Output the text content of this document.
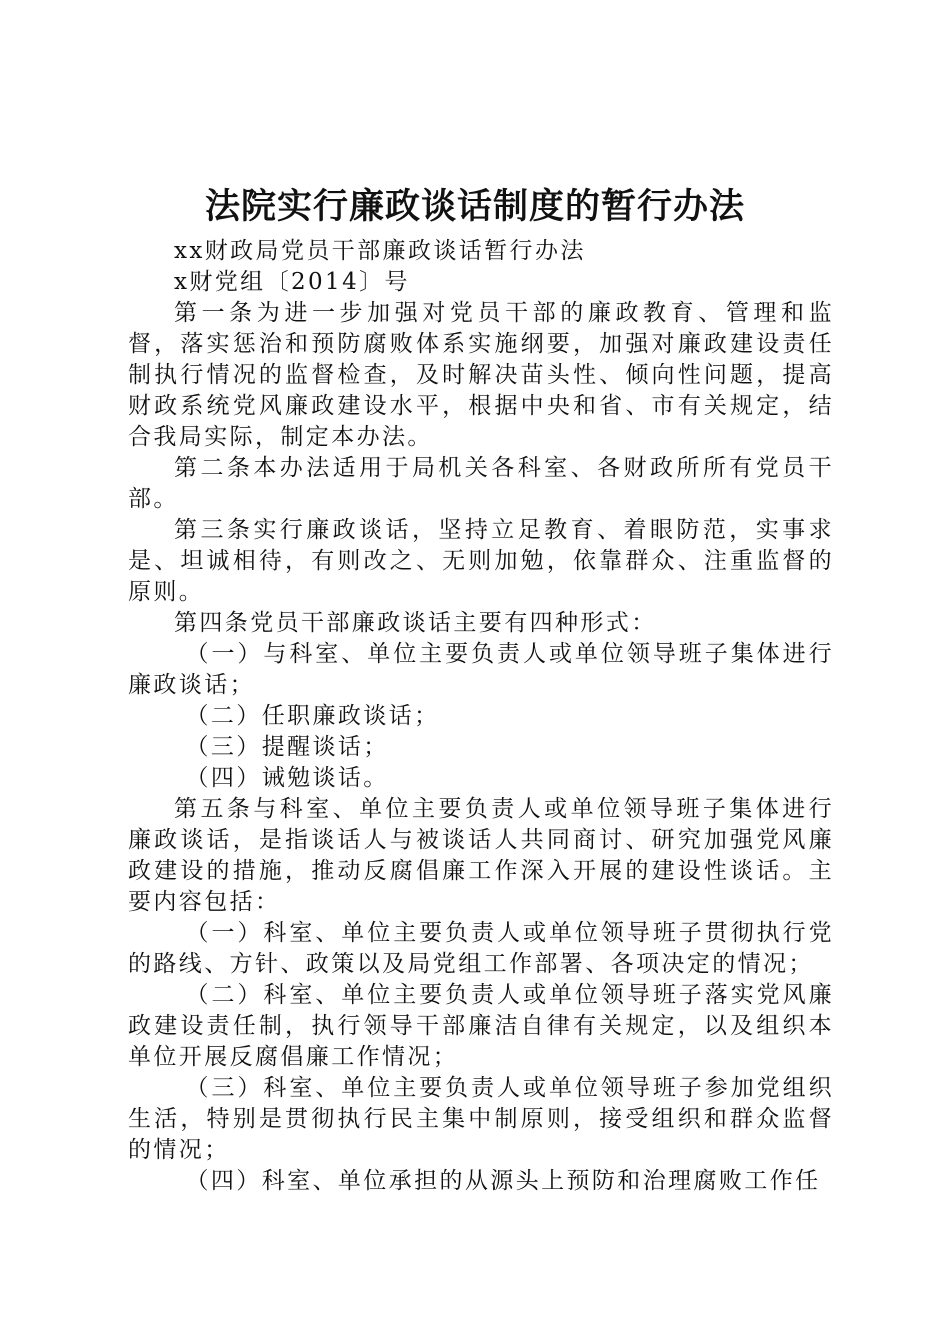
法院实行廉政谈话制度的暂行办法

xx财政局党员干部廉政谈话暂行办法

x财党组〔2014〕号

第一条为进一步加强对党员干部的廉政教育、管理和监督，落实惩治和预防腐败体系实施纲要，加强对廉政建设责任制执行情况的监督检查，及时解决苗头性、倾向性问题，提高财政系统党风廉政建设水平，根据中央和省、市有关规定，结合我局实际，制定本办法。

第二条本办法适用于局机关各科室、各财政所所有党员干部。

第三条实行廉政谈话，坚持立足教育、着眼防范，实事求是、坦诚相待，有则改之、无则加勉，依靠群众、注重监督的原则。

第四条党员干部廉政谈话主要有四种形式：

（一）与科室、单位主要负责人或单位领导班子集体进行廉政谈话；

（二）任职廉政谈话；

（三）提醒谈话；

（四）诫勉谈话。

第五条与科室、单位主要负责人或单位领导班子集体进行廉政谈话，是指谈话人与被谈话人共同商讨、研究加强党风廉政建设的措施，推动反腐倡廉工作深入开展的建设性谈话。主要内容包括：

（一）科室、单位主要负责人或单位领导班子贯彻执行党的路线、方针、政策以及局党组工作部署、各项决定的情况；

（二）科室、单位主要负责人或单位领导班子落实党风廉政建设责任制，执行领导干部廉洁自律有关规定，以及组织本单位开展反腐倡廉工作情况；

（三）科室、单位主要负责人或单位领导班子参加党组织生活，特别是贯彻执行民主集中制原则，接受组织和群众监督的情况；

（四）科室、单位承担的从源头上预防和治理腐败工作任
